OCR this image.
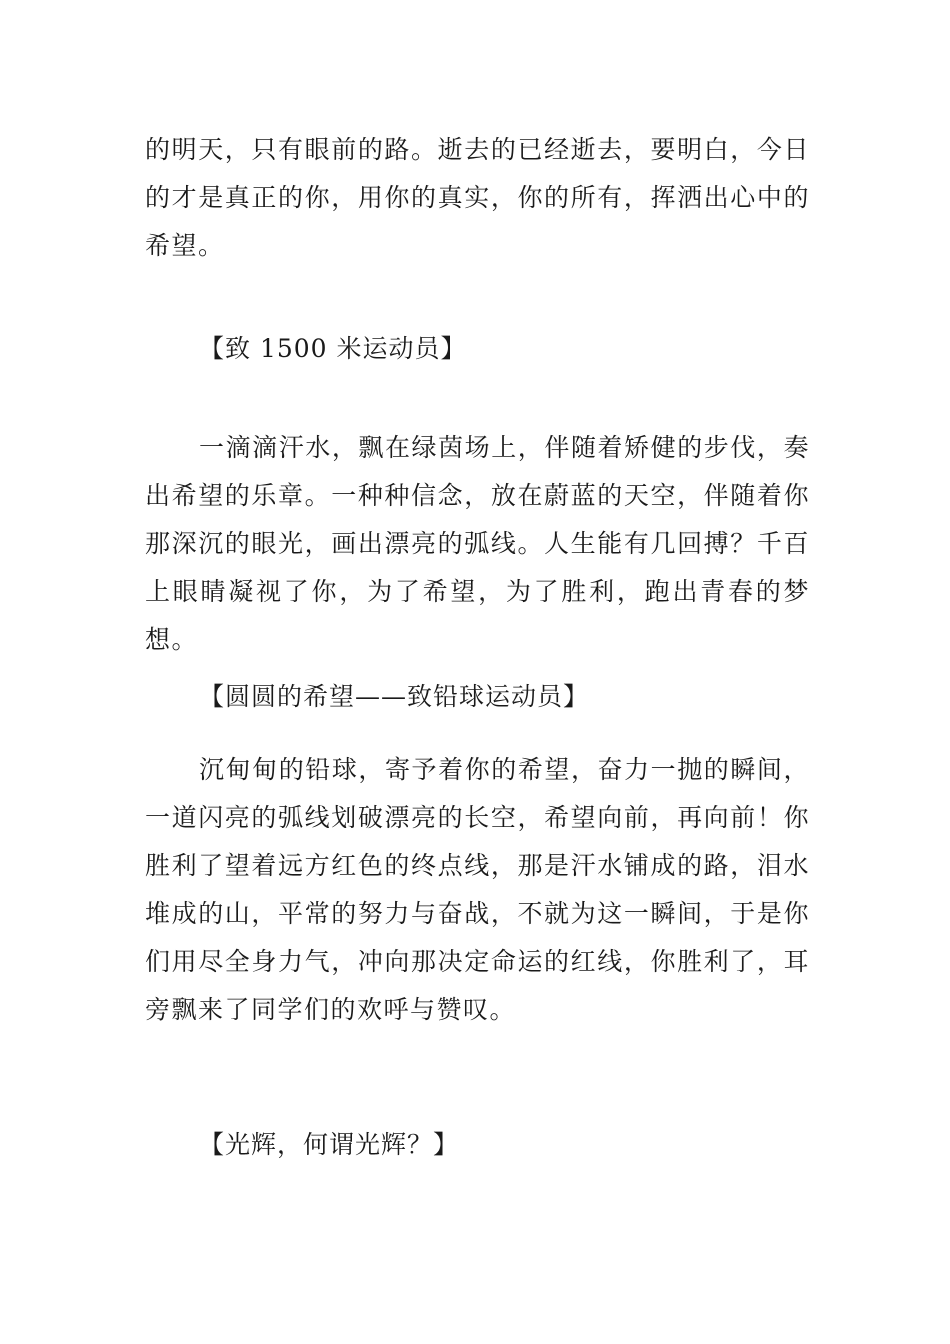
的明天，只有眼前的路。逝去的已经逝去，要明白，今日的才是真正的你，用你的真实，你的所有，挥洒出心中的希望。

【致 1500 米运动员】

一滴滴汗水，飘在绿茵场上，伴随着矫健的步伐，奏出希望的乐章。一种种信念，放在蔚蓝的天空，伴随着你那深沉的眼光，画出漂亮的弧线。人生能有几回搏？千百上眼睛凝视了你，为了希望，为了胜利，跑出青春的梦想。

【圆圆的希望——致铅球运动员】

沉甸甸的铅球，寄予着你的希望，奋力一抛的瞬间，一道闪亮的弧线划破漂亮的长空，希望向前，再向前！你胜利了望着远方红色的终点线，那是汗水铺成的路，泪水堆成的山，平常的努力与奋战，不就为这一瞬间，于是你们用尽全身力气，冲向那决定命运的红线，你胜利了，耳旁飘来了同学们的欢呼与赞叹。

【光辉，何谓光辉？】
